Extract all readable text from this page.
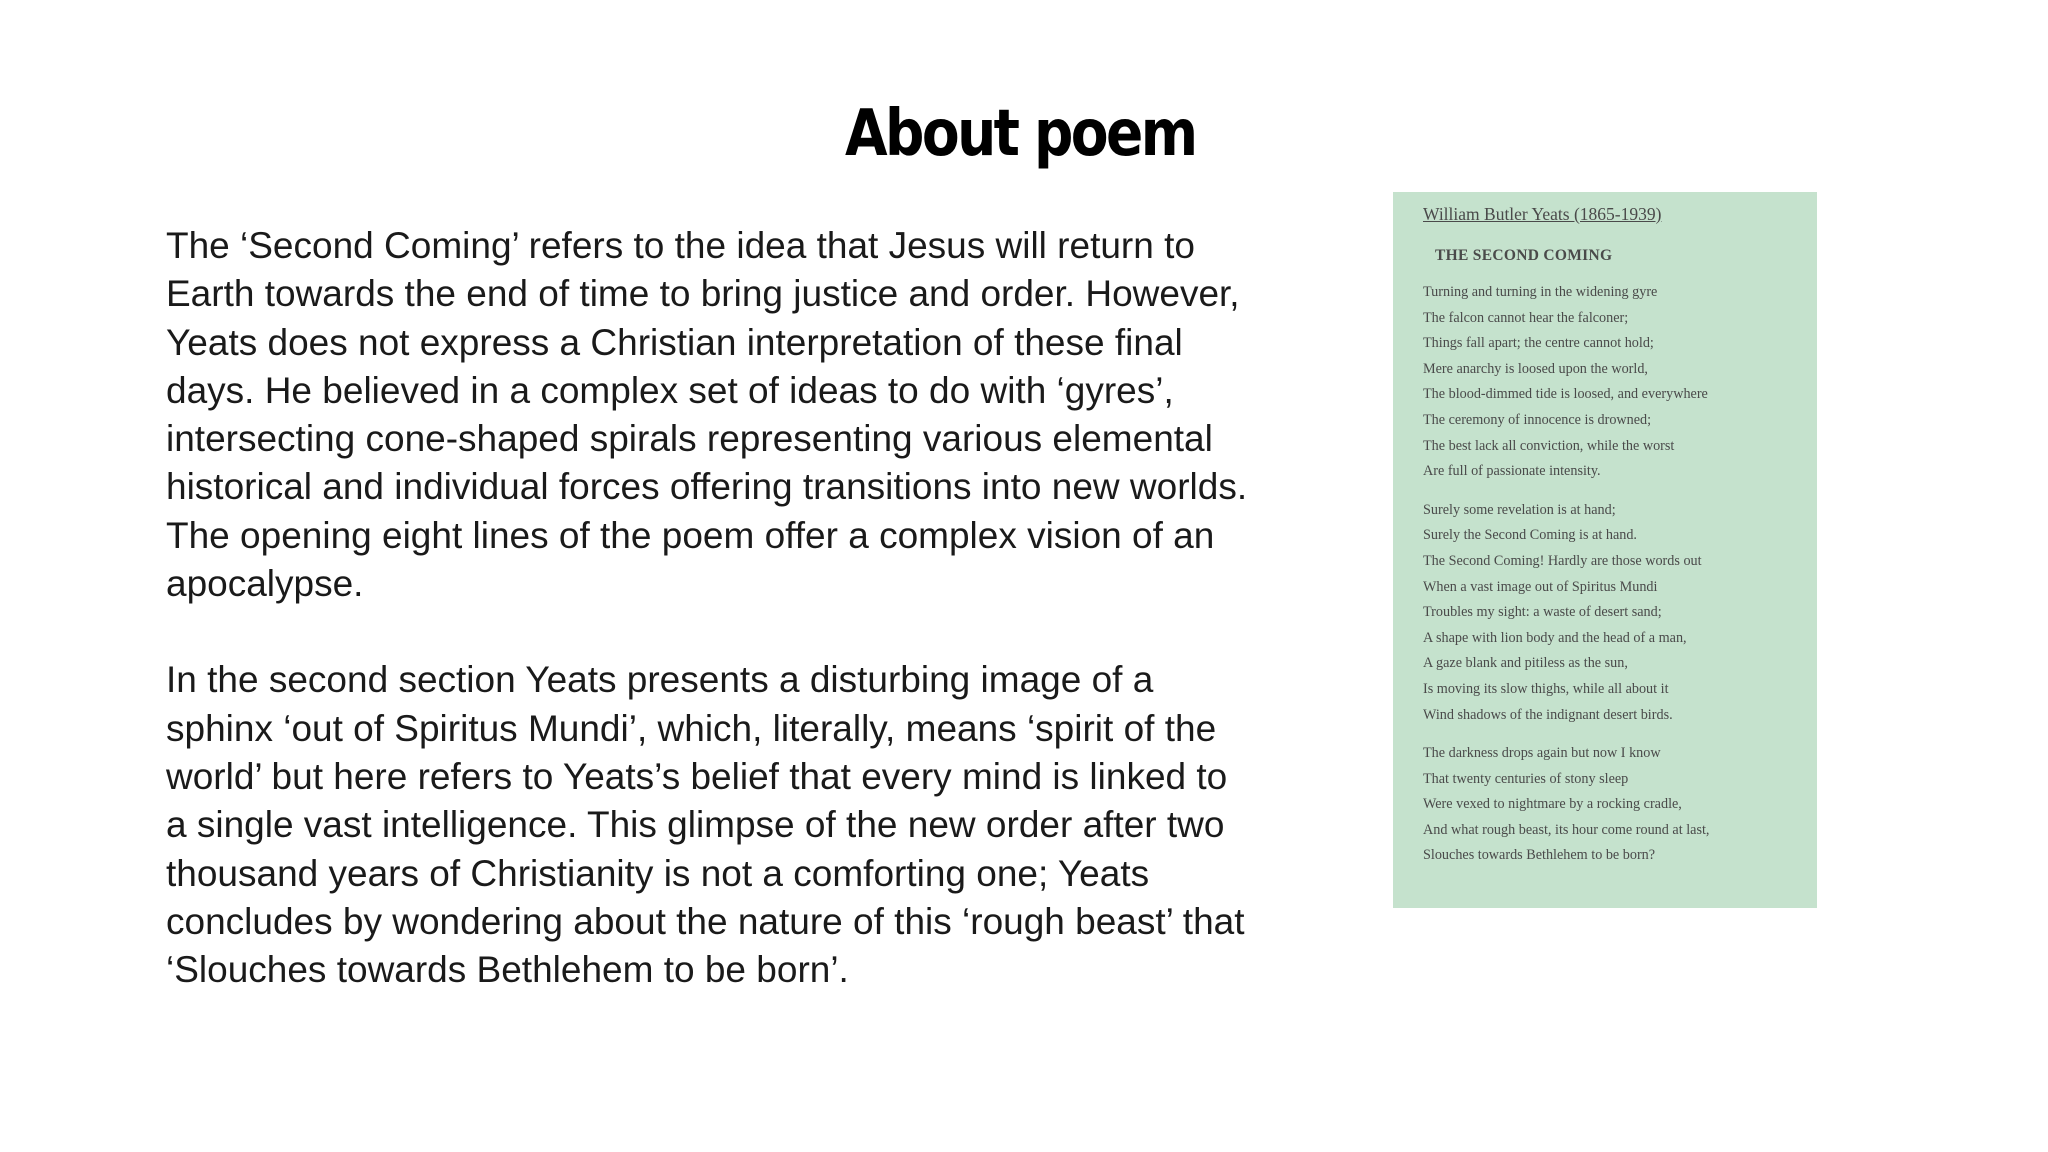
About poem

The ‘Second Coming’ refers to the idea that Jesus will return to
Earth towards the end of time to bring justice and order. However,
Yeats does not express a Christian interpretation of these final
days. He believed in a complex set of ideas to do with ‘gyres’,
intersecting cone-shaped spirals representing various elemental
historical and individual forces offering transitions into new worlds.
The opening eight lines of the poem offer a complex vision of an
apocalypse.

In the second section Yeats presents a disturbing image of a
sphinx ‘out of Spiritus Mundi’, which, literally, means ‘spirit of the
world’ but here refers to Yeats’s belief that every mind is linked to
a single vast intelligence. This glimpse of the new order after two
thousand years of Christianity is not a comforting one; Yeats
concludes by wondering about the nature of this ‘rough beast’ that
‘Slouches towards Bethlehem to be born’.

William Butler Yeats (1865-1939)

THE SECOND COMING

Turning and turning in the widening gyre
The falcon cannot hear the falconer;
Things fall apart; the centre cannot hold;
Mere anarchy is loosed upon the world,
The blood-dimmed tide is loosed, and everywhere
The ceremony of innocence is drowned;
The best lack all conviction, while the worst
Are full of passionate intensity.

Surely some revelation is at hand;
Surely the Second Coming is at hand.
The Second Coming! Hardly are those words out
When a vast image out of Spiritus Mundi
Troubles my sight: a waste of desert sand;
A shape with lion body and the head of a man,
A gaze blank and pitiless as the sun,
Is moving its slow thighs, while all about it
Wind shadows of the indignant desert birds.

The darkness drops again but now I know
That twenty centuries of stony sleep
Were vexed to nightmare by a rocking cradle,
And what rough beast, its hour come round at last,
Slouches towards Bethlehem to be born?
